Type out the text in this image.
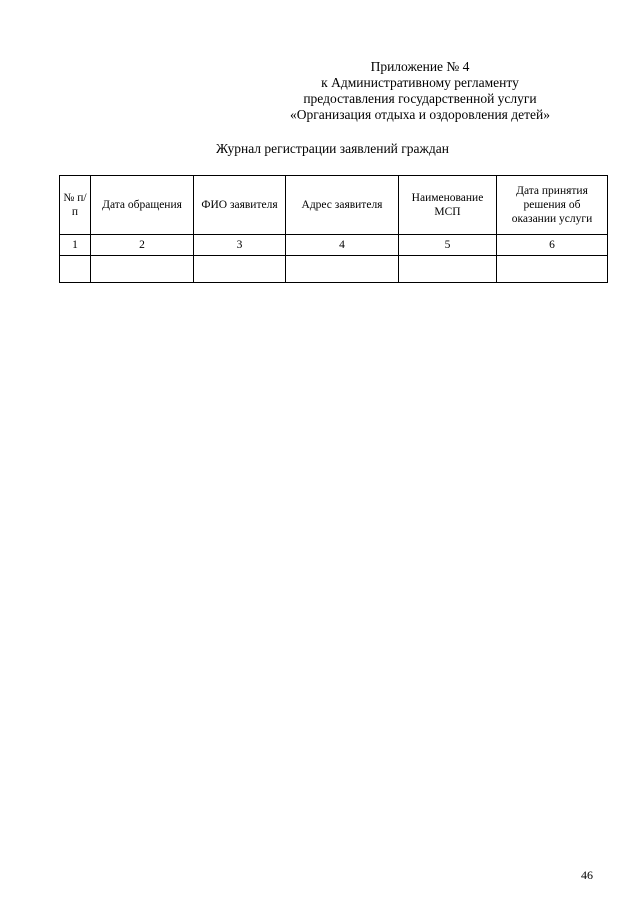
Приложение № 4
к Административному регламенту
предоставления государственной услуги
«Организация отдыха и оздоровления детей»
Журнал регистрации заявлений граждан
№ п/п	Дата обращения	ФИО заявителя	Адрес заявителя	Наименование МСП	Дата принятия решения об оказании услуги
1	2	3	4	5	6

46
